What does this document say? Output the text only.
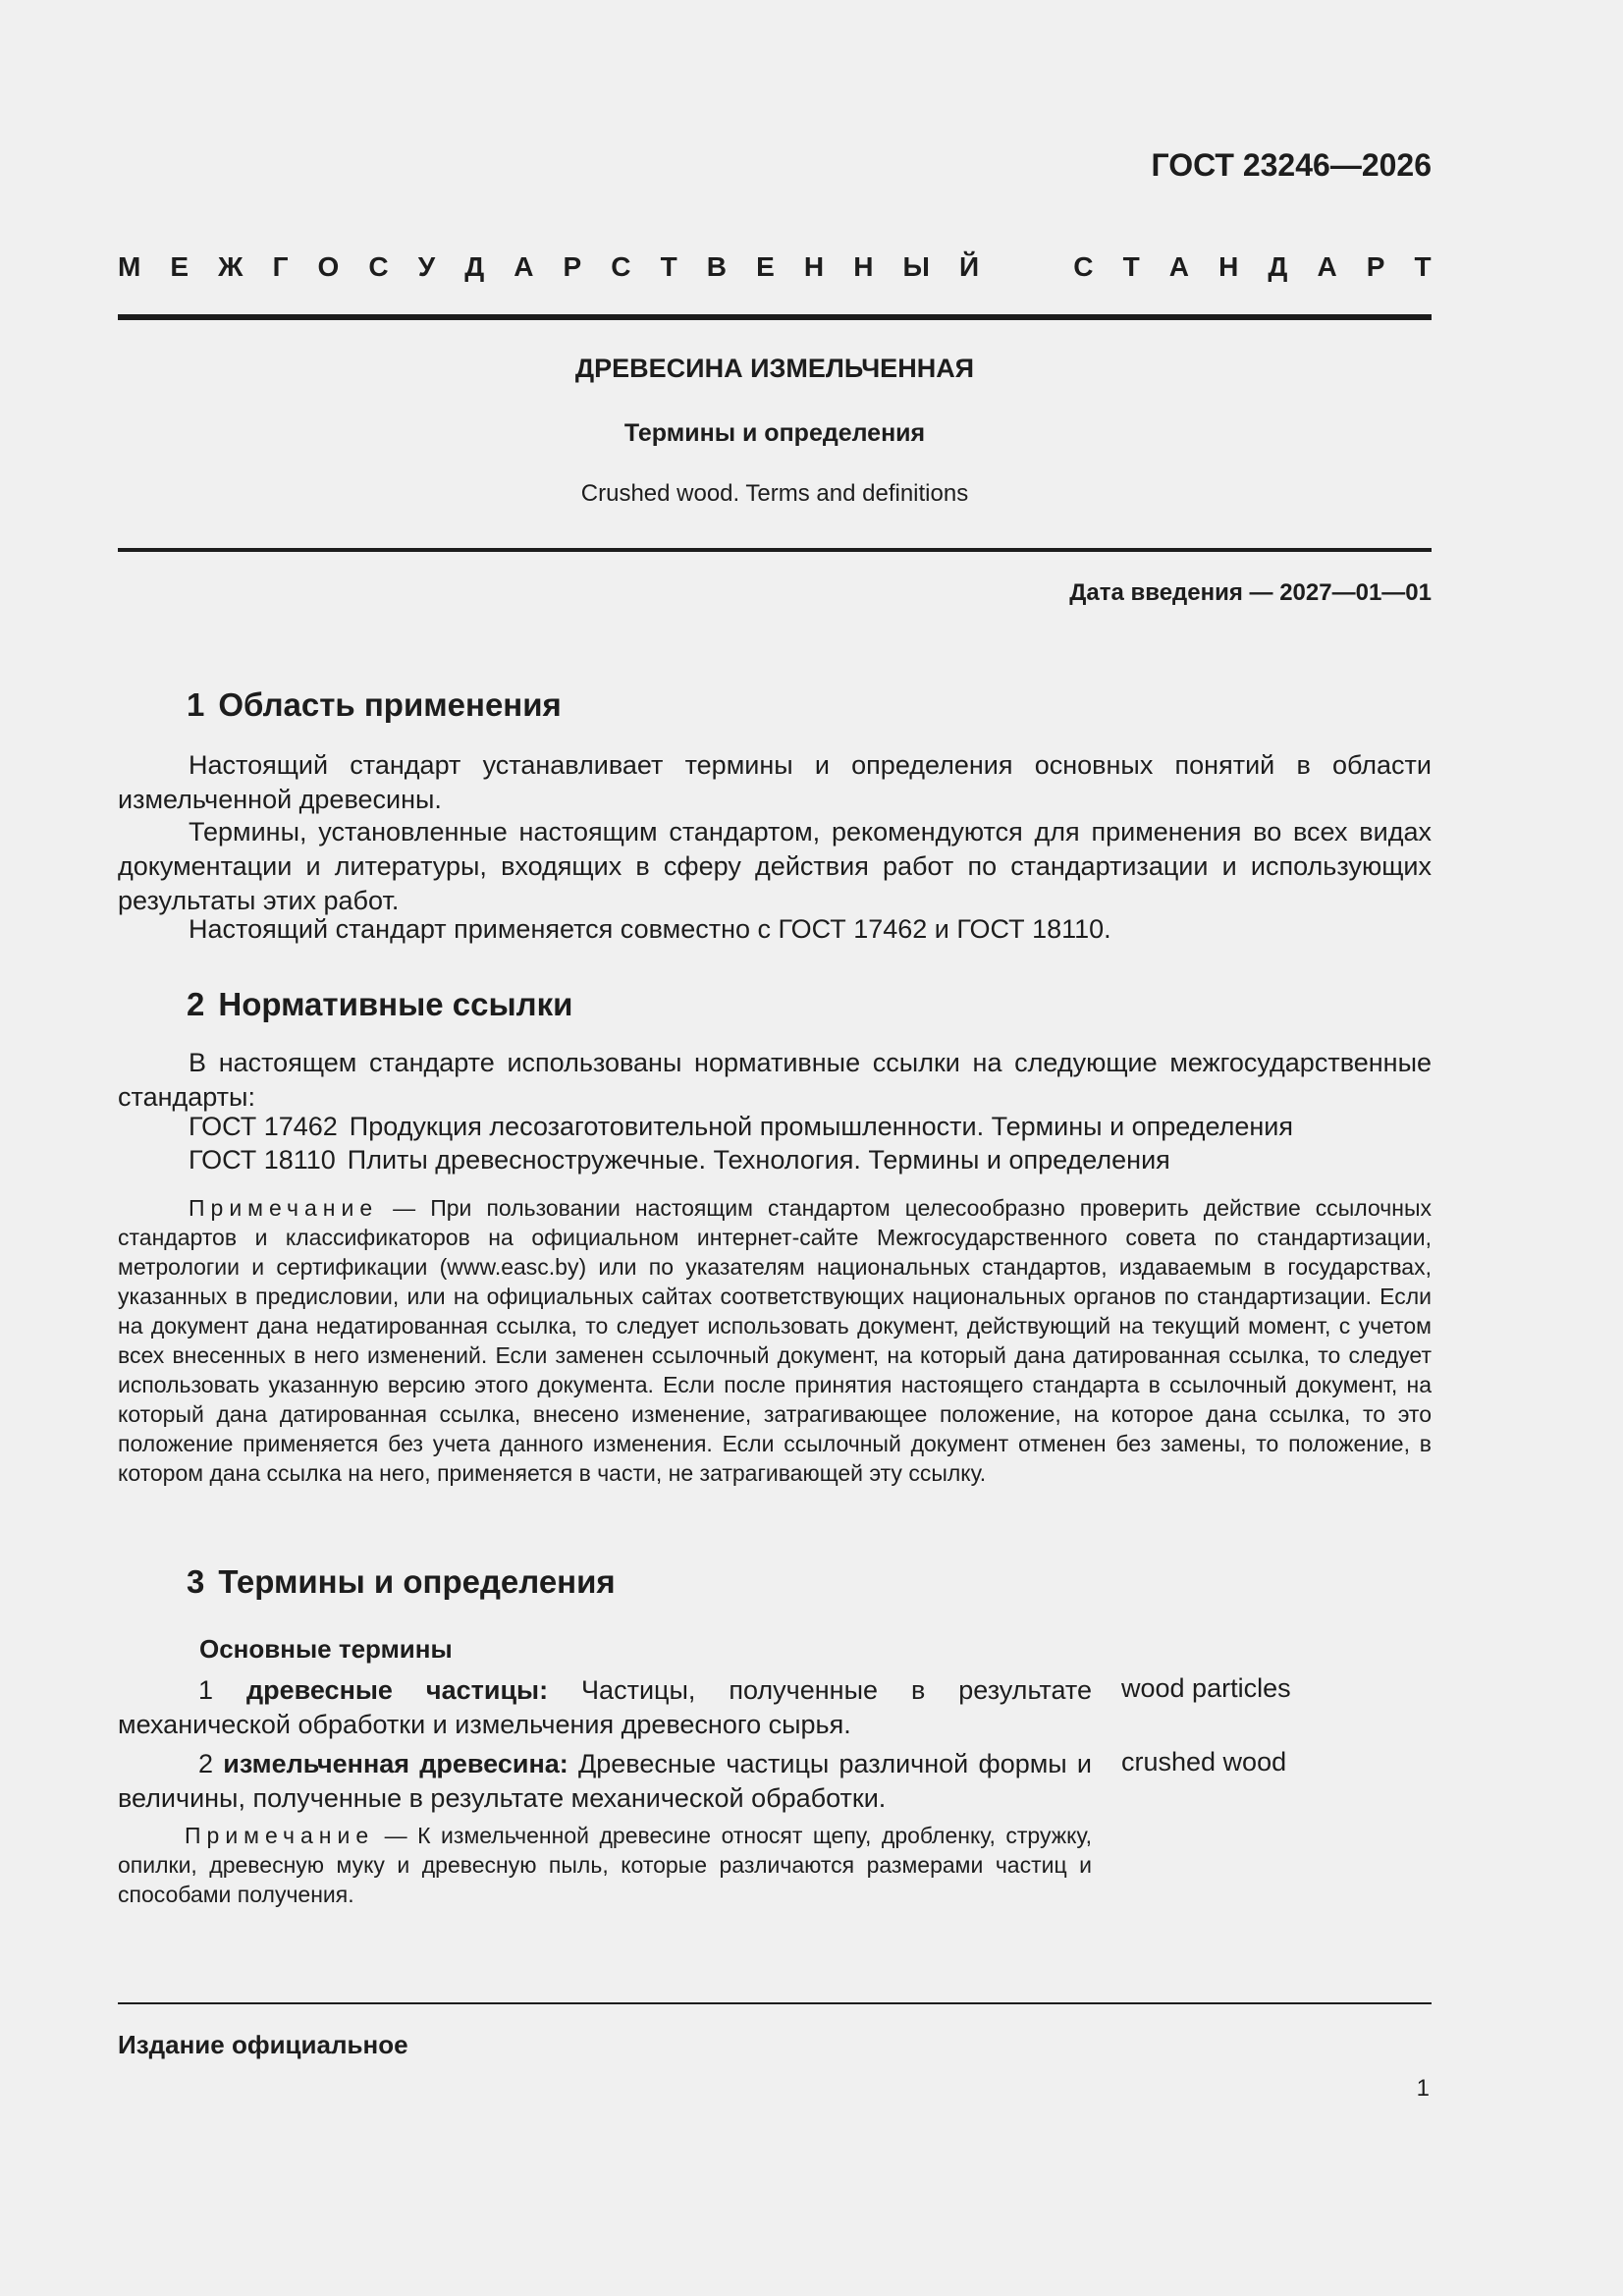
ГОСТ 23246—2026
М Е Ж Г О С У Д А Р С Т В Е Н Н Ы Й	С Т А Н Д А Р Т
ДРЕВЕСИНА ИЗМЕЛЬЧЕННАЯ
Термины и определения
Crushed wood. Terms and definitions
Дата введения — 2027—01—01
1 Область применения

Настоящий стандарт устанавливает термины и определения основных понятий в области измельченной древесины.

Термины, установленные настоящим стандартом, рекомендуются для применения во всех видах документации и литературы, входящих в сферу действия работ по стандартизации и использующих результаты этих работ.

Настоящий стандарт применяется совместно с ГОСТ 17462 и ГОСТ 18110.

2 Нормативные ссылки

В настоящем стандарте использованы нормативные ссылки на следующие межгосударственные стандарты:

ГОСТ 17462 Продукция лесозаготовительной промышленности. Термины и определения
ГОСТ 18110 Плиты древесностружечные. Технология. Термины и определения

Примечание — При пользовании настоящим стандартом целесообразно проверить действие ссылочных стандартов и классификаторов на официальном интернет-сайте Межгосударственного совета по стандартизации, метрологии и сертификации (www.easc.by) или по указателям национальных стандартов, издаваемым в государствах, указанных в предисловии, или на официальных сайтах соответствующих национальных органов по стандартизации. Если на документ дана недатированная ссылка, то следует использовать документ, действующий на текущий момент, с учетом всех внесенных в него изменений. Если заменен ссылочный документ, на который дана датированная ссылка, то следует использовать указанную версию этого документа. Если после принятия настоящего стандарта в ссылочный документ, на который дана датированная ссылка, внесено изменение, затрагивающее положение, на которое дана ссылка, то это положение применяется без учета данного изменения. Если ссылочный документ отменен без замены, то положение, в котором дана ссылка на него, применяется в части, не затрагивающей эту ссылку.

3 Термины и определения
Основные термины

1 древесные частицы: Частицы, полученные в результате механической обработки и измельчения древесного сырья.

wood particles

2 измельченная древесина: Древесные частицы различной формы и величины, полученные в результате механической обработки.

crushed wood

Примечание — К измельченной древесине относят щепу, дробленку, стружку, опилки, древесную муку и древесную пыль, которые различаются размерами частиц и способами получения.

Издание официальное
1
